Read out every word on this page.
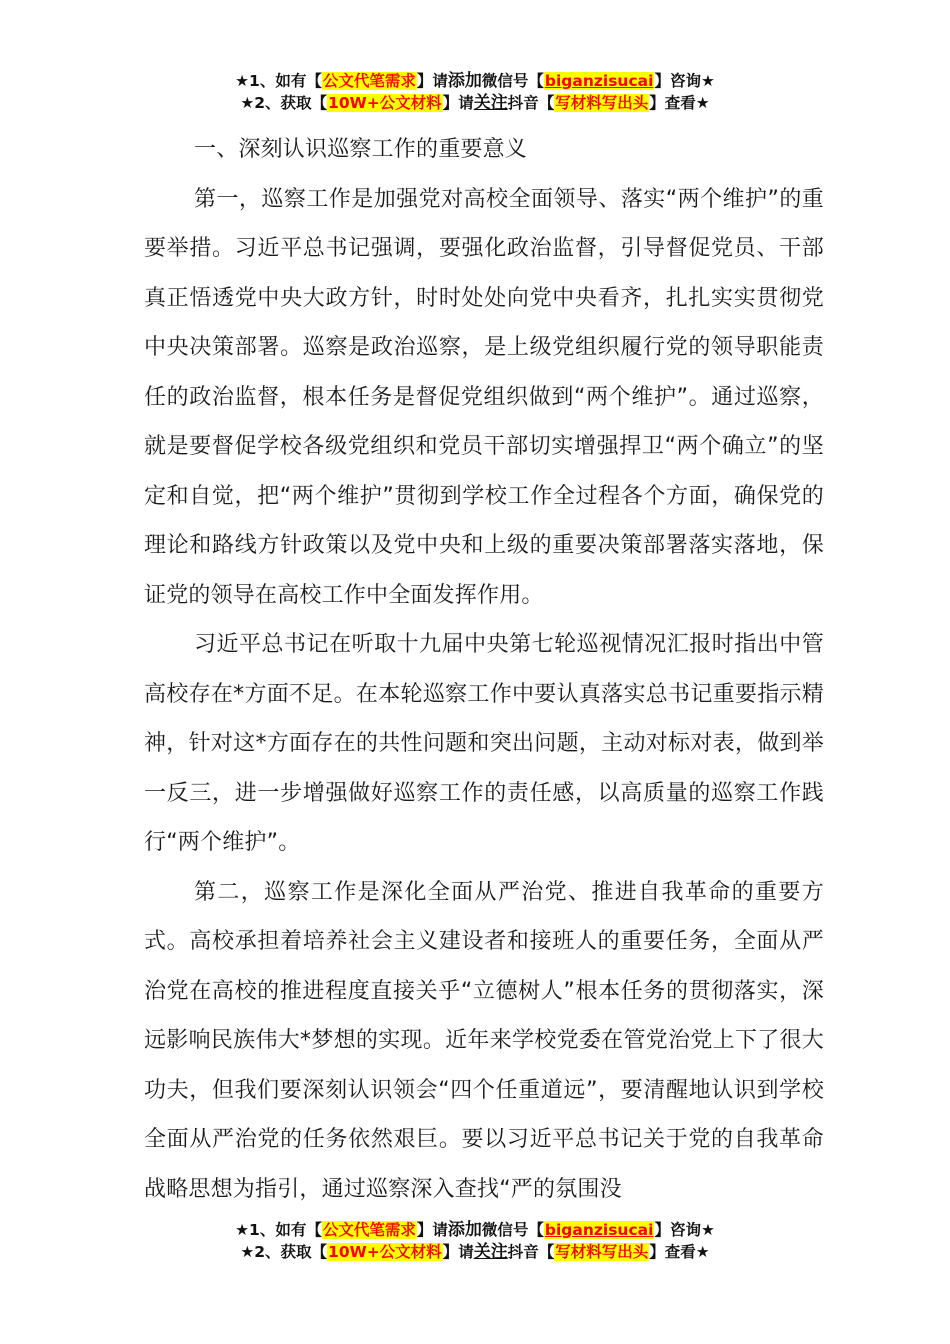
★1、如有【公文代笔需求】请添加微信号【biganzisucai】咨询★
★2、获取【10W+公文材料】请关注抖音【写材料写出头】查看★

一、深刻认识巡察工作的重要意义

第一，巡察工作是加强党对高校全面领导、落实“两个维护”的重要举措。习近平总书记强调，要强化政治监督，引导督促党员、干部真正悟透党中央大政方针，时时处处向党中央看齐，扎扎实实贯彻党中央决策部署。巡察是政治巡察，是上级党组织履行党的领导职能责任的政治监督，根本任务是督促党组织做到“两个维护”。通过巡察，就是要督促学校各级党组织和党员干部切实增强捍卫“两个确立”的坚定和自觉，把“两个维护”贯彻到学校工作全过程各个方面，确保党的理论和路线方针政策以及党中央和上级的重要决策部署落实落地，保证党的领导在高校工作中全面发挥作用。

习近平总书记在听取十九届中央第七轮巡视情况汇报时指出中管高校存在*方面不足。在本轮巡察工作中要认真落实总书记重要指示精神，针对这*方面存在的共性问题和突出问题，主动对标对表，做到举一反三，进一步增强做好巡察工作的责任感，以高质量的巡察工作践行“两个维护”。

第二，巡察工作是深化全面从严治党、推进自我革命的重要方式。高校承担着培养社会主义建设者和接班人的重要任务，全面从严治党在高校的推进程度直接关乎“立德树人”根本任务的贯彻落实，深远影响民族伟大*梦想的实现。近年来学校党委在管党治党上下了很大功夫，但我们要深刻认识领会“四个任重道远”，要清醒地认识到学校全面从严治党的任务依然艰巨。要以习近平总书记关于党的自我革命战略思想为指引，通过巡察深入查找“严的氛围没

★1、如有【公文代笔需求】请添加微信号【biganzisucai】咨询★
★2、获取【10W+公文材料】请关注抖音【写材料写出头】查看★
